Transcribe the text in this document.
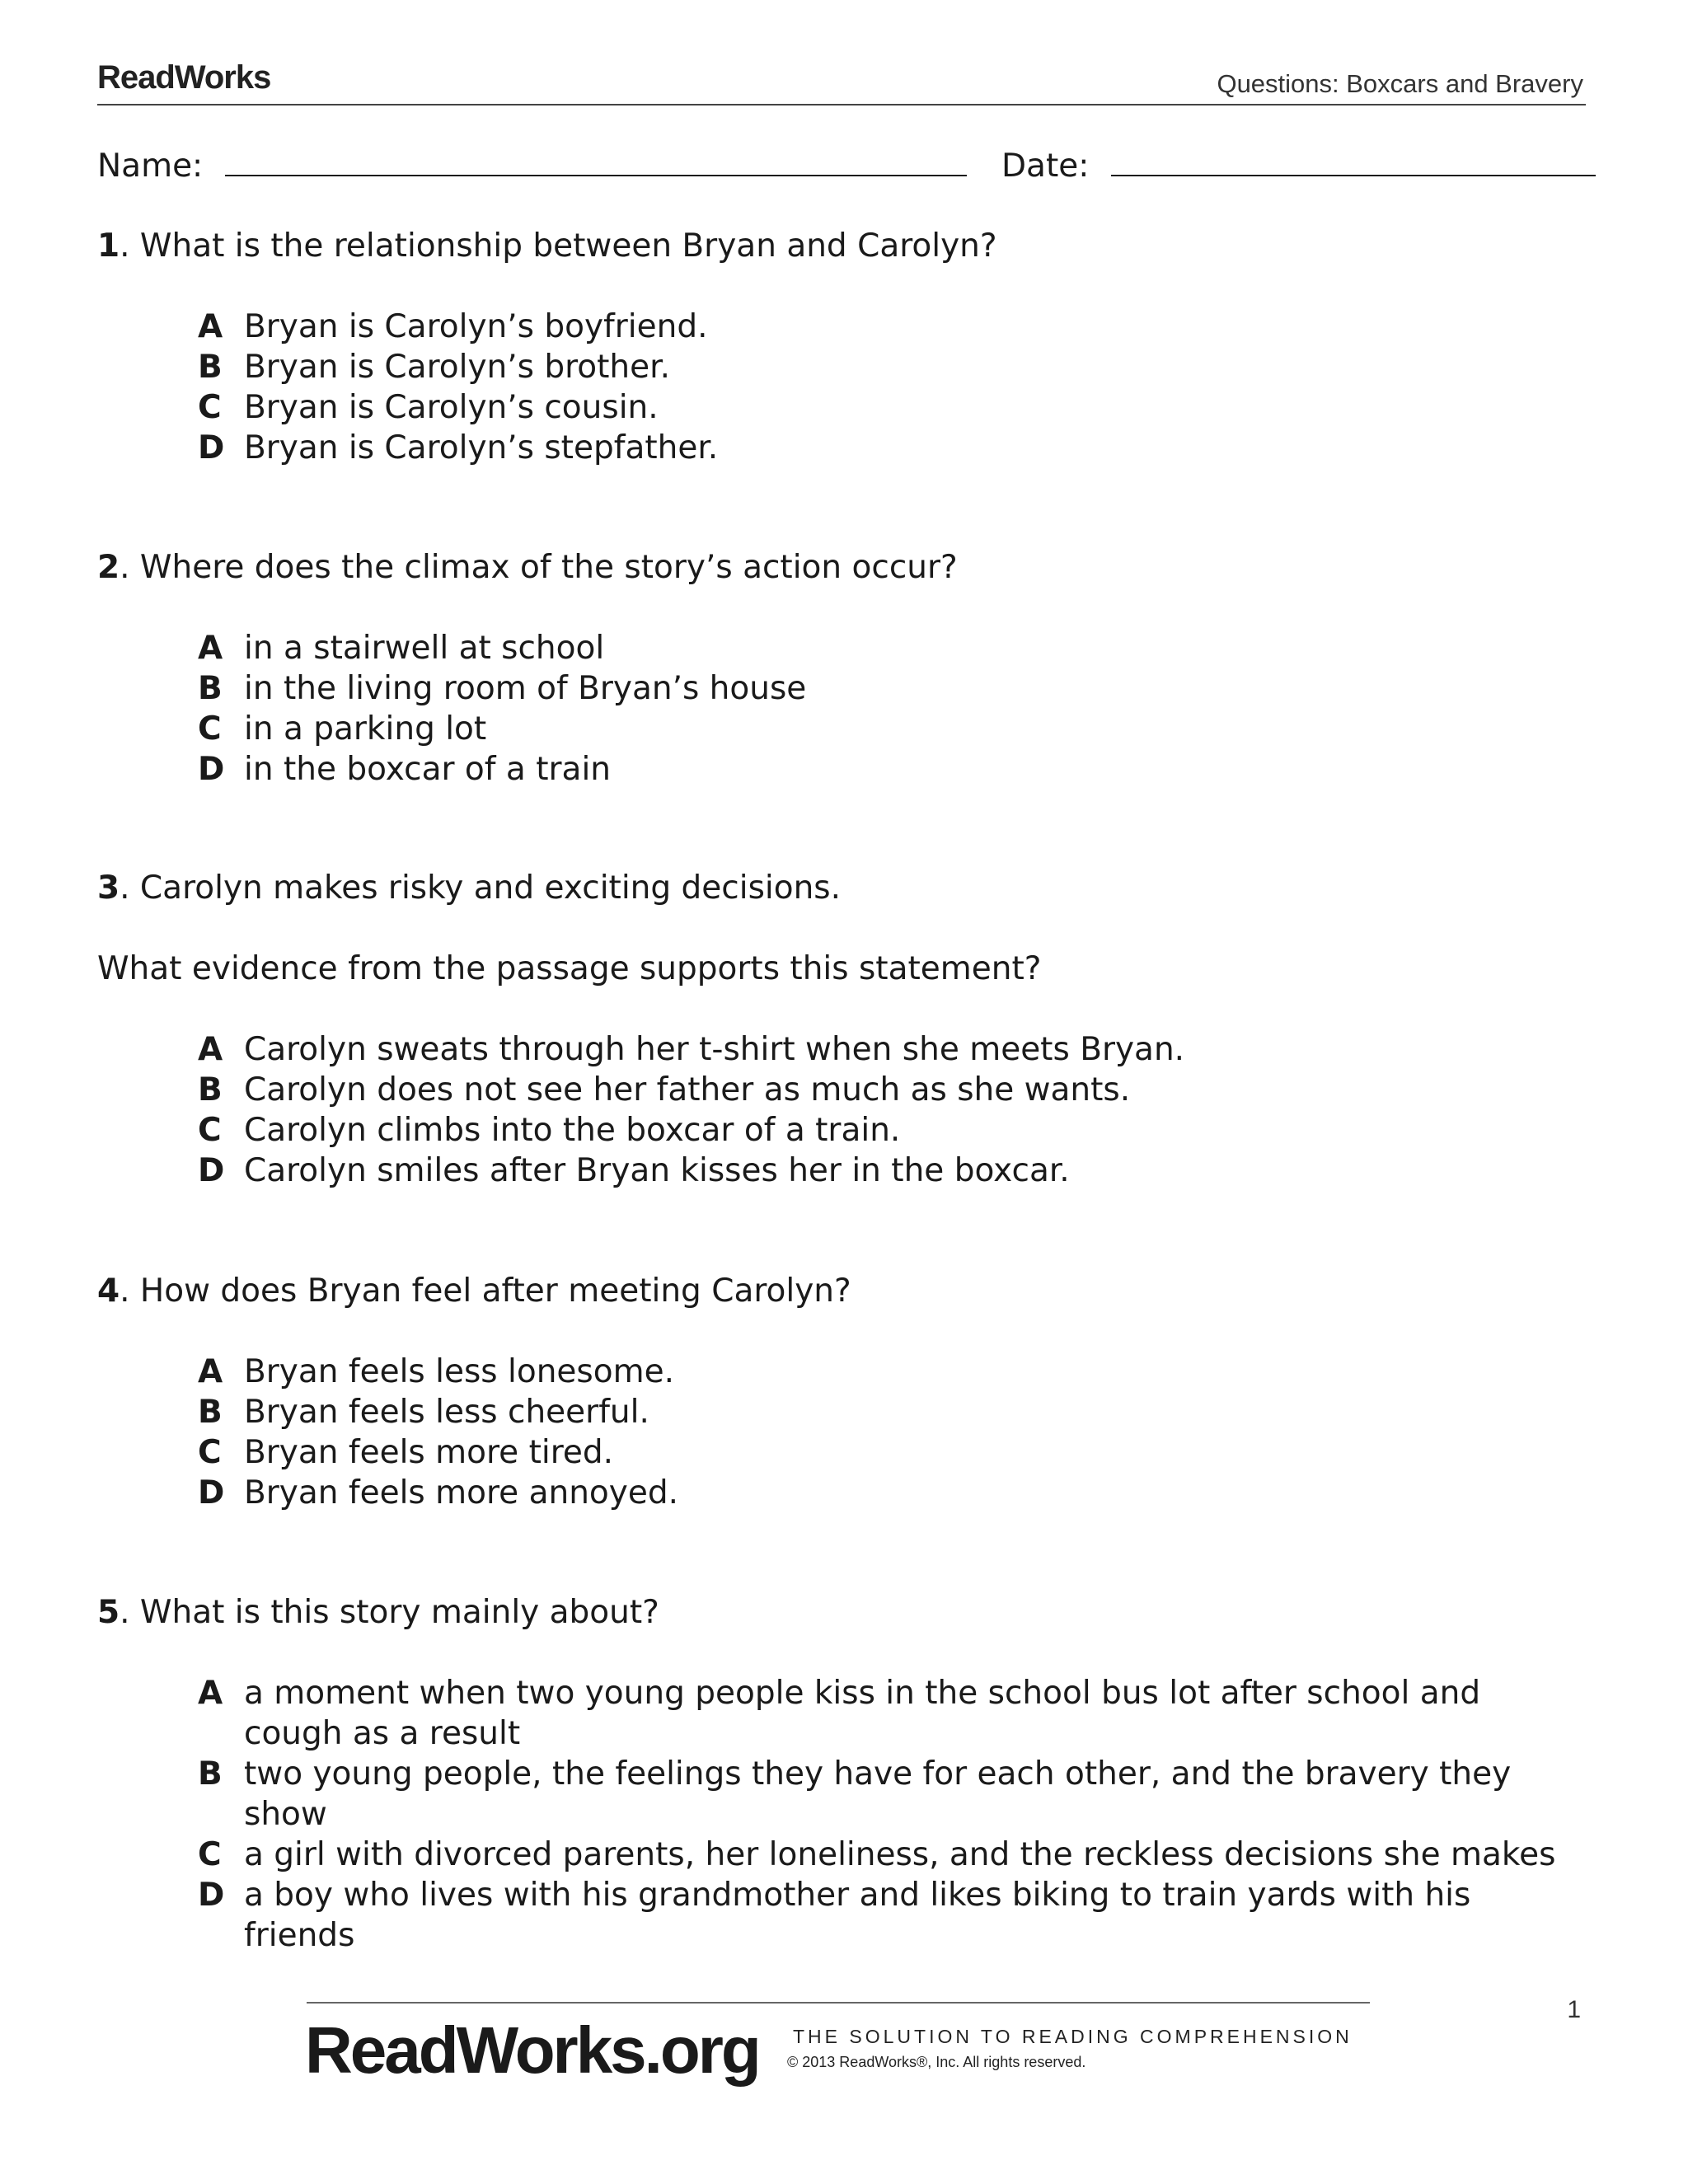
ReadWorks	Questions: Boxcars and Bravery
Name:	Date:

1. What is the relationship between Bryan and Carolyn?

A Bryan is Carolyn’s boyfriend.
B Bryan is Carolyn’s brother.
C Bryan is Carolyn’s cousin.
D Bryan is Carolyn’s stepfather.

2. Where does the climax of the story’s action occur?

A in a stairwell at school
B in the living room of Bryan’s house
C in a parking lot
D in the boxcar of a train

3. Carolyn makes risky and exciting decisions.

What evidence from the passage supports this statement?

A Carolyn sweats through her t-shirt when she meets Bryan.
B Carolyn does not see her father as much as she wants.
C Carolyn climbs into the boxcar of a train.
D Carolyn smiles after Bryan kisses her in the boxcar.

4. How does Bryan feel after meeting Carolyn?

A Bryan feels less lonesome.
B Bryan feels less cheerful.
C Bryan feels more tired.
D Bryan feels more annoyed.

5. What is this story mainly about?

A a moment when two young people kiss in the school bus lot after school and cough as a result
B two young people, the feelings they have for each other, and the bravery they show
C a girl with divorced parents, her loneliness, and the reckless decisions she makes
D a boy who lives with his grandmother and likes biking to train yards with his friends
ReadWorks.org THE SOLUTION TO READING COMPREHENSION
© 2013 ReadWorks®, Inc. All rights reserved.
1
